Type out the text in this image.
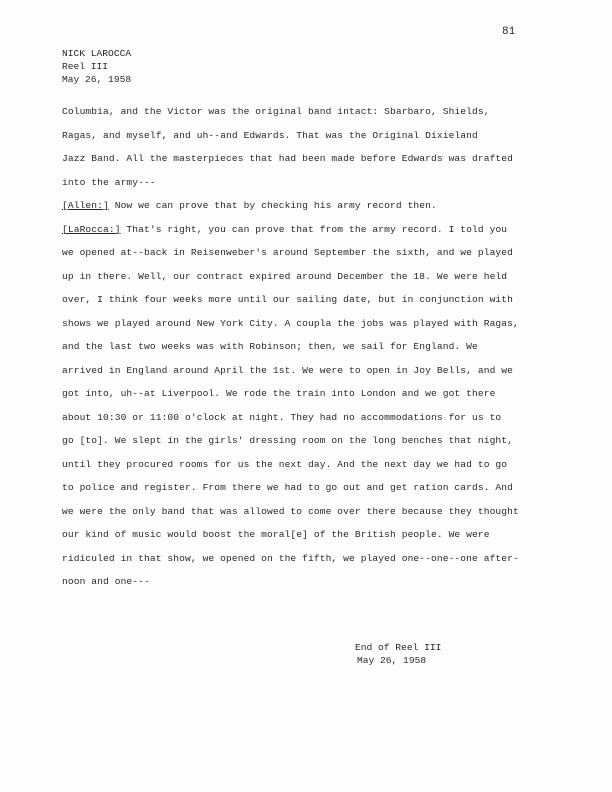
81
NICK LAROCCA
Reel III
May 26, 1958
Columbia, and the Victor was the original band intact: Sbarbaro, Shields,
Ragas, and myself, and uh--and Edwards. That was the Original Dixieland
Jazz Band. All the masterpieces that had been made before Edwards was drafted
into the army---
[Allen:] Now we can prove that by checking his army record then.
[LaRocca:] That's right, you can prove that from the army record. I told you
we opened at--back in Reisenweber's around September the sixth, and we played
up in there. Well, our contract expired around December the 18. We were held
over, I think four weeks more until our sailing date, but in conjunction with
shows we played around New York City. A coupla the jobs was played with Ragas,
and the last two weeks was with Robinson; then, we sail for England. We
arrived in England around April the 1st. We were to open in Joy Bells, and we
got into, uh--at Liverpool. We rode the train into London and we got there
about 10:30 or 11:00 o'clock at night. They had no accommodations for us to
go [to]. We slept in the girls' dressing room on the long benches that night,
until they procured rooms for us the next day. And the next day we had to go
to police and register. From there we had to go out and get ration cards. And
we were the only band that was allowed to come over there because they thought
our kind of music would boost the moral[e] of the British people. We were
ridiculed in that show, we opened on the fifth, we played one--one--one after-
noon and one---
End of Reel III
May 26, 1958
